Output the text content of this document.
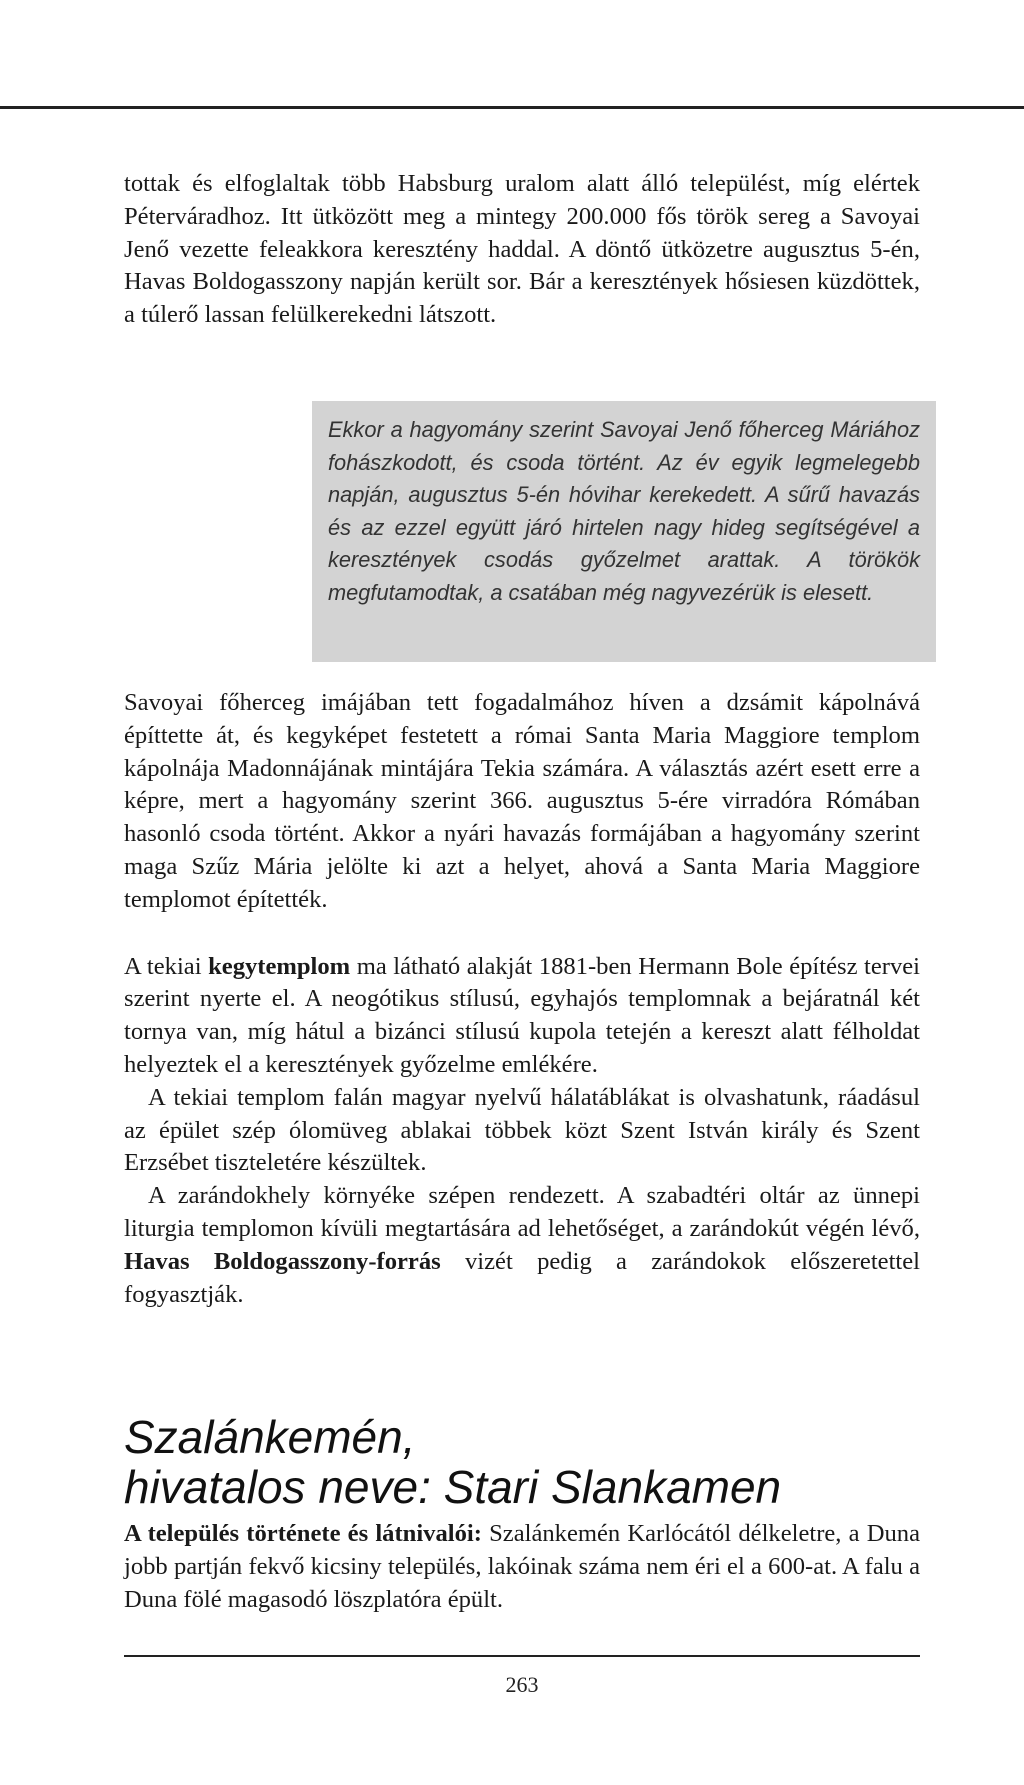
tottak és elfoglaltak több Habsburg uralom alatt álló települést, míg elértek Péterváradhoz. Itt ütközött meg a mintegy 200.000 fős török sereg a Savoyai Jenő vezette feleakkora keresztény haddal. A döntő ütközetre augusztus 5-én, Havas Boldogasszony napján került sor. Bár a keresztények hősiesen küzdöttek, a túlerő lassan felülkerekedni látszott.

Ekkor a hagyomány szerint Savoyai Jenő főherceg Máriához fohászkodott, és csoda történt. Az év egyik legmelegebb napján, augusztus 5-én hóvihar kerekedett. A sűrű havazás és az ezzel együtt járó hirtelen nagy hideg segítségével a keresztények csodás győzelmet arattak. A törökök megfutamodtak, a csatában még nagyvezérük is elesett.

Savoyai főherceg imájában tett fogadalmához híven a dzsámit kápolnává építtette át, és kegyképet festetett a római Santa Maria Maggiore templom kápolnája Madonnájának mintájára Tekia számára. A választás azért esett erre a képre, mert a hagyomány szerint 366. augusztus 5-ére virradóra Rómában hasonló csoda történt. Akkor a nyári havazás formájában a hagyomány szerint maga Szűz Mária jelölte ki azt a helyet, ahová a Santa Maria Maggiore templomot építették.

A tekiai kegytemplom ma látható alakját 1881-ben Hermann Bole építész tervei szerint nyerte el. A neogótikus stílusú, egyhajós templomnak a bejáratnál két tornya van, míg hátul a bizánci stílusú kupola tetején a kereszt alatt félholdat helyeztek el a keresztények győzelme emlékére.

A tekiai templom falán magyar nyelvű hálatáblákat is olvashatunk, ráadásul az épület szép ólomüveg ablakai többek közt Szent István király és Szent Erzsébet tiszteletére készültek.

A zarándokhely környéke szépen rendezett. A szabadtéri oltár az ünnepi liturgia templomon kívüli megtartására ad lehetőséget, a zarándokút végén lévő, Havas Boldogasszony-forrás vizét pedig a zarándokok előszeretettel fogyasztják.

Szalánkemén,
hivatalos neve: Stari Slankamen

A település története és látnivalói: Szalánkemén Karlócától délkeletre, a Duna jobb partján fekvő kicsiny település, lakóinak száma nem éri el a 600-at. A falu a Duna fölé magasodó löszplatóra épült.

263
